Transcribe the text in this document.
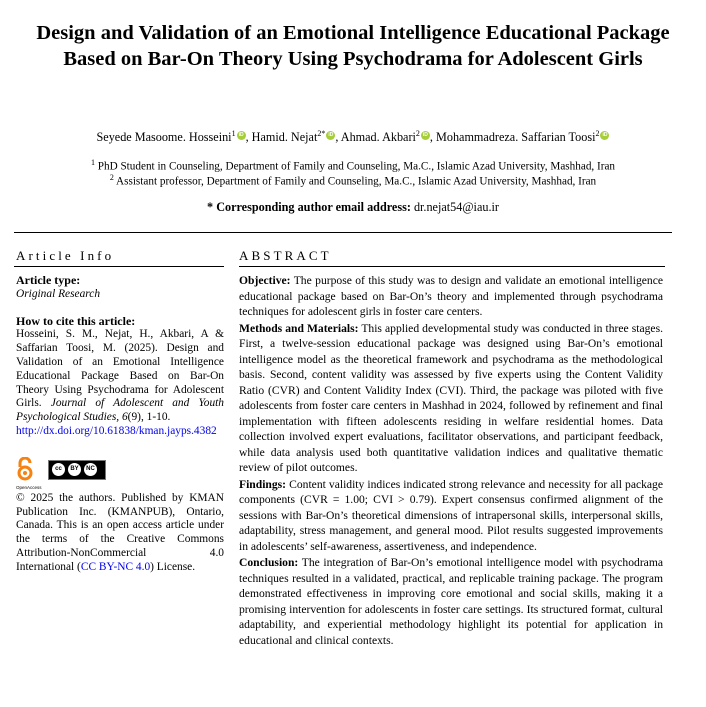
Design and Validation of an Emotional Intelligence Educational Package Based on Bar-On Theory Using Psychodrama for Adolescent Girls
Seyede Masoome. Hosseini$^1$ iD , Hamid. Nejat$^{2*}$ iD , Ahmad. Akbari$^2$ iD , Mohammadreza. Saffarian Toosi$^2$iD
$^1$ PhD Student in Counseling, Department of Family and Counseling, Ma.C., Islamic Azad University, Mashhad, Iran
$^2$ Assistant professor, Department of Family and Counseling, Ma.C., Islamic Azad University, Mashhad, Iran
* Corresponding author email address: dr.nejat54@iau.ir
Article Info	ABSTRACT
Article type:
Original Research
How to cite this article:
Hosseini, S. M., Nejat, H., Akbari, A & Saffarian Toosi, M. (2025). Design and Validation of an Emotional Intelligence Educational Package Based on Bar-On Theory Using Psychodrama for Adolescent Girls. Journal of Adolescent and Youth Psychological Studies, 6(9), 1-10.
http://dx.doi.org/10.61838/kman.jayps.4382
cc	BY	NC
OpenAccess
© 2025 the authors. Published by KMAN Publication Inc. (KMANPUB), Ontario, Canada. This is an open access article under the terms of the Creative Commons Attribution-NonCommercial 4.0 International (CC BY-NC 4.0) License.

Objective: The purpose of this study was to design and validate an emotional intelligence educational package based on Bar-On’s theory and implemented through psychodrama techniques for adolescent girls in foster care centers.

Methods and Materials: This applied developmental study was conducted in three stages. First, a twelve-session educational package was designed using Bar-On’s emotional intelligence model as the theoretical framework and psychodrama as the methodological basis. Second, content validity was assessed by five experts using the Content Validity Ratio (CVR) and Content Validity Index (CVI). Third, the package was piloted with five adolescents from foster care centers in Mashhad in 2024, followed by refinement and final implementation with fifteen adolescents residing in welfare residential homes. Data collection involved expert evaluations, facilitator observations, and participant feedback, while data analysis used both quantitative validation indices and qualitative thematic review of pilot outcomes.

Findings: Content validity indices indicated strong relevance and necessity for all package components (CVR = 1.00; CVI > 0.79). Expert consensus confirmed alignment of the sessions with Bar-On’s theoretical dimensions of intrapersonal skills, interpersonal skills, adaptability, stress management, and general mood. Pilot results suggested improvements in adolescents’ self-awareness, assertiveness, and independence.

Conclusion: The integration of Bar-On’s emotional intelligence model with psychodrama techniques resulted in a validated, practical, and replicable training package. The program demonstrated effectiveness in improving core emotional and social skills, making it a promising intervention for adolescents in foster care settings. Its structured format, cultural adaptability, and experiential methodology highlight its potential for application in educational and clinical contexts.
